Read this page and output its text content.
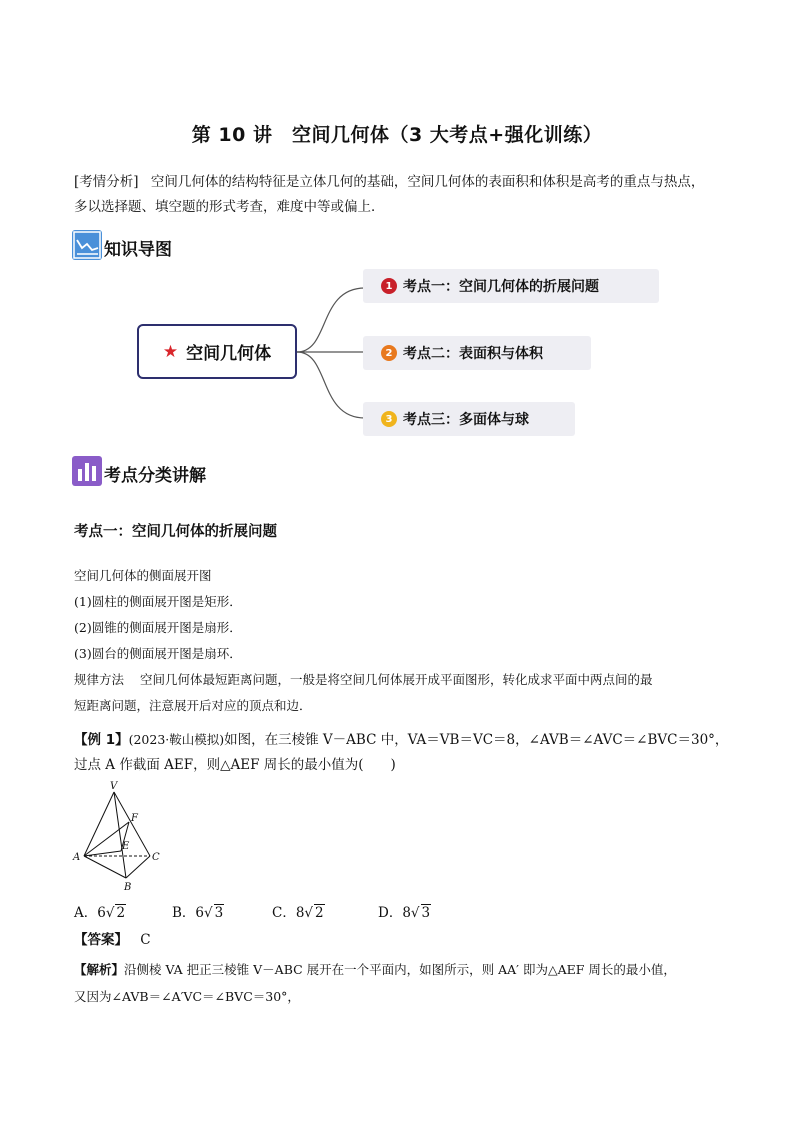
第 10 讲　空间几何体（3 大考点+强化训练）
[考情分析] 空间几何体的结构特征是立体几何的基础，空间几何体的表面积和体积是高考的重点与热点，
多以选择题、填空题的形式考查，难度中等或偏上．
知识导图
★ 空间几何体
1 考点一：空间几何体的折展问题
2 考点二：表面积与体积
3 考点三：多面体与球
考点分类讲解
考点一：空间几何体的折展问题
空间几何体的侧面展开图
(1)圆柱的侧面展开图是矩形．
(2)圆锥的侧面展开图是扇形．
(3)圆台的侧面展开图是扇环．
规律方法 空间几何体最短距离问题，一般是将空间几何体展开成平面图形，转化成求平面中两点间的最
短距离问题，注意展开后对应的顶点和边．
【例 1】(2023·鞍山模拟)如图，在三棱锥 V－ABC 中，VA＝VB＝VC＝8，∠AVB＝∠AVC＝∠BVC＝30°，
过点 A 作截面 AEF，则△AEF 周长的最小值为(　　)
V
F
E
A	C
B
A．6√ 2	B．6√ 3	C．8√ 2	D．8√ 3
【答案】 C
【解析】沿侧棱 VA 把正三棱锥 V－ABC 展开在一个平面内，如图所示，则 AA′ 即为△AEF 周长的最小值，
又因为∠AVB＝∠A′VC＝∠BVC＝30°，
